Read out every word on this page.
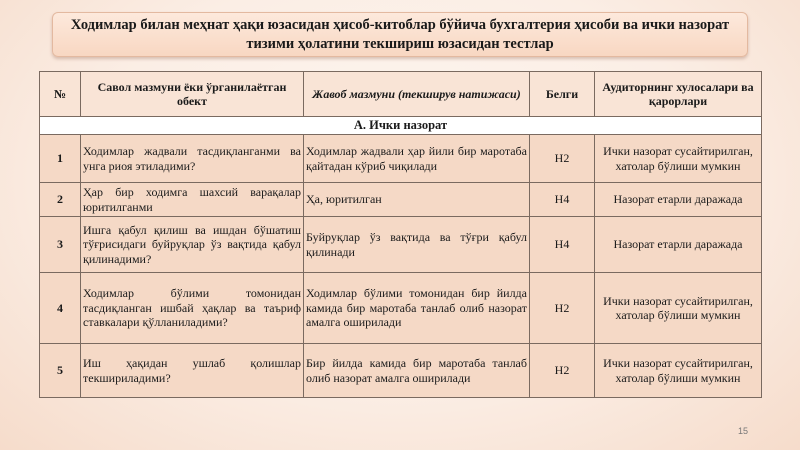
Ходимлар билан меҳнат ҳақи юзасидан ҳисоб-китоблар бўйича бухгалтерия ҳисоби ва ички назорат тизими ҳолатини текшириш юзасидан тестлар
№	Савол мазмуни ёки ўрганилаётган обект	Жавоб мазмуни (текширув натижаси)	Белги	Аудиторнинг хулосалари ва қарорлари
А. Ички назорат				
1	Ходимлар жадвали тасдиқланганми ва унга риоя этиладими?	Ходимлар жадвали ҳар йили бир маротаба қайтадан кўриб чиқилади	Н2	Ички назорат сусайтирилган, хатолар бўлиши мумкин
2	Ҳар бир ходимга шахсий варақалар юритилганми	Ҳа, юритилган	Н4	Назорат етарли даражада
3	Ишга қабул қилиш ва ишдан бўшатиш тўғрисидаги буйруқлар ўз вақтида қабул қилинадими?	Буйруқлар ўз вақтида ва тўғри қабул қилинади	Н4	Назорат етарли даражада
4	Ходимлар бўлими томонидан тасдиқланган ишбай ҳақлар ва таъриф ставкалари қўлланиладими?	Ходимлар бўлими томонидан бир йилда камида бир маротаба танлаб олиб назорат амалга оширилади	Н2	Ички назорат сусайтирилган, хатолар бўлиши мумкин
5	Иш ҳақидан ушлаб қолишлар текшириладими?	Бир йилда камида бир маротаба танлаб олиб назорат амалга оширилади	Н2	Ички назорат сусайтирилган, хатолар бўлиши мумкин
15
